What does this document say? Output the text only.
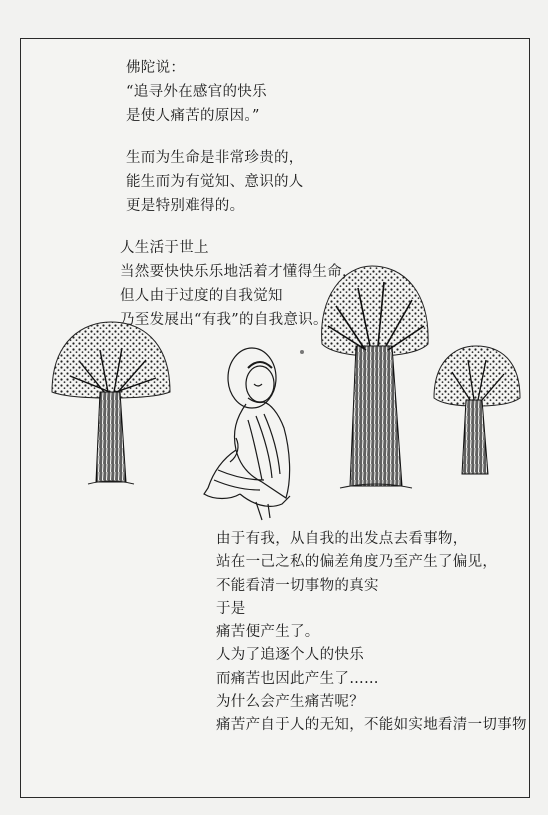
佛陀说：
“追寻外在感官的快乐
是使人痛苦的原因。”
生而为生命是非常珍贵的，
能生而为有觉知、意识的人
更是特别难得的。
人生活于世上
当然要快快乐乐地活着才懂得生命，
但人由于过度的自我觉知
乃至发展出“有我”的自我意识。
由于有我，从自我的出发点去看事物，
站在一己之私的偏差角度乃至产生了偏见，
不能看清一切事物的真实
于是
痛苦便产生了。
人为了追逐个人的快乐
而痛苦也因此产生了……
为什么会产生痛苦呢？
痛苦产自于人的无知，不能如实地看清一切事物
